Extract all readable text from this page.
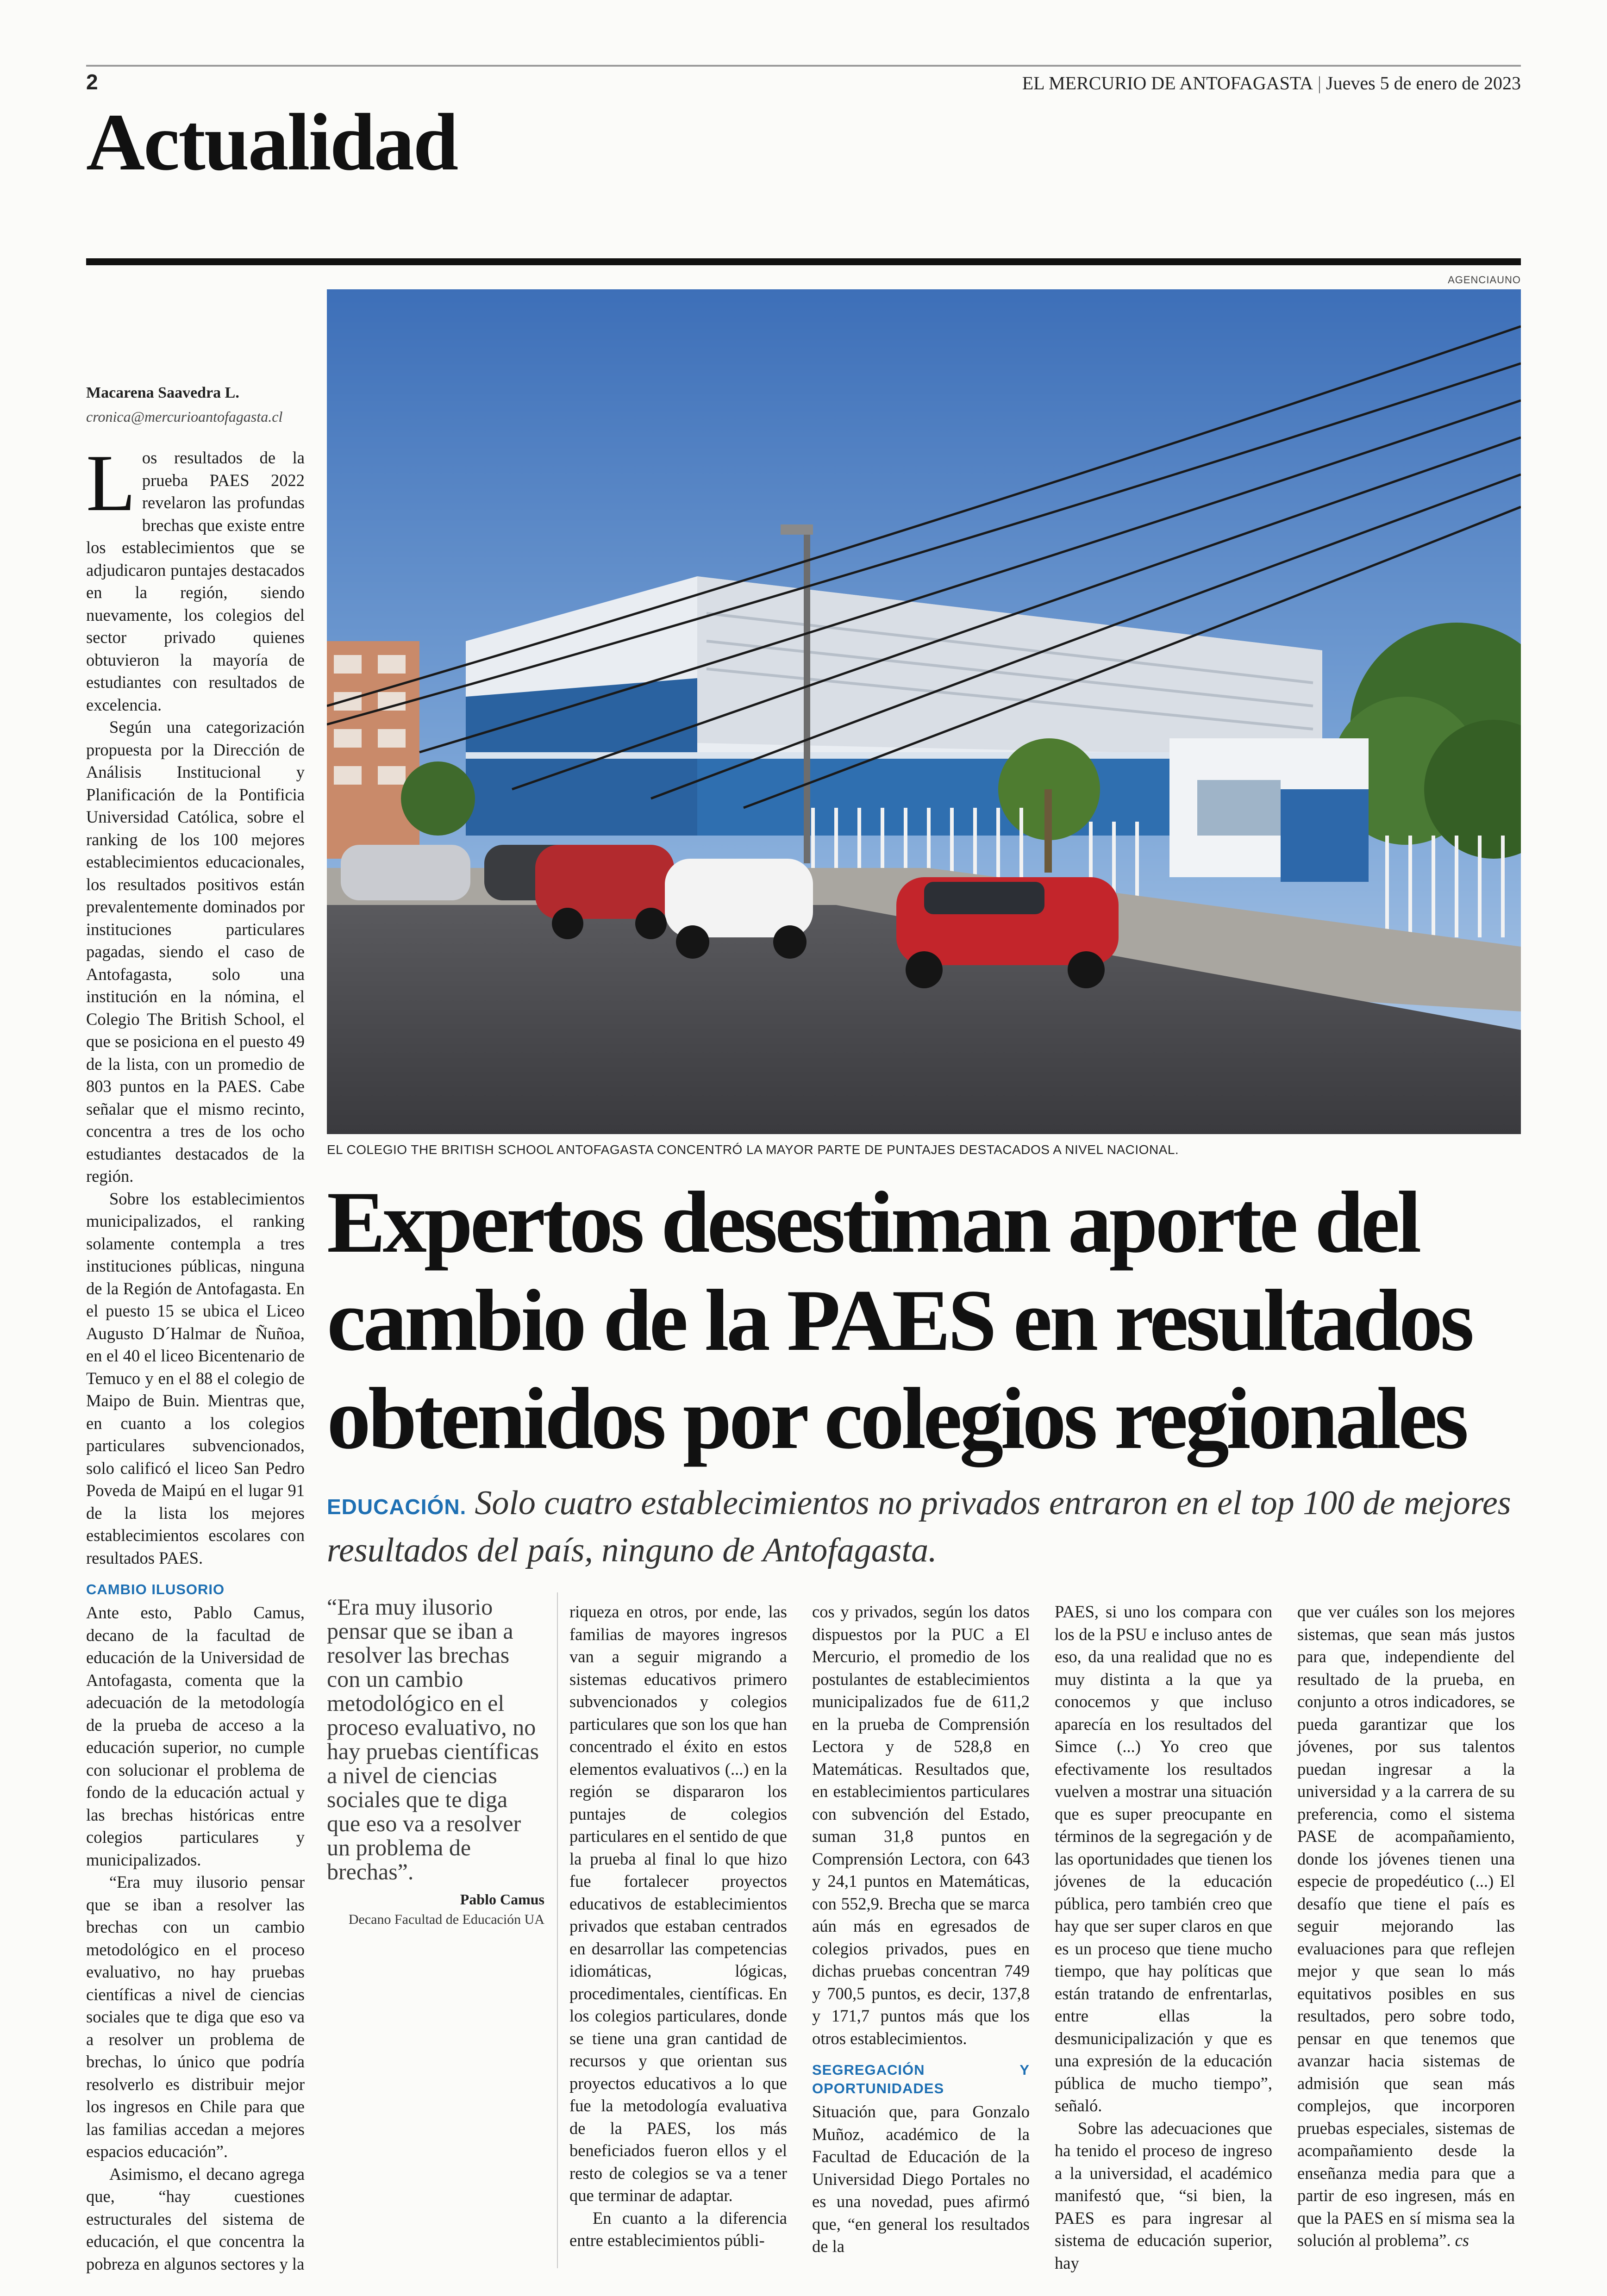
2	EL MERCURIO DE ANTOFAGASTA | Jueves 5 de enero de 2023
Actualidad
AGENCIAUNO
EL COLEGIO THE BRITISH SCHOOL ANTOFAGASTA CONCENTRÓ LA MAYOR PARTE DE PUNTAJES DESTACADOS A NIVEL NACIONAL.
Expertos desestiman aporte del
cambio de la PAES en resultados
obtenidos por colegios regionales
EDUCACIÓN. Solo cuatro establecimientos no privados entraron en el top 100 de mejores resultados del país, ninguno de Antofagasta.
Macarena Saavedra L.
cronica@mercurioantofagasta.cl

Los resultados de la prueba PAES 2022 revelaron las profundas brechas que existe entre los establecimientos que se adjudicaron puntajes destacados en la región, siendo nuevamente, los colegios del sector privado quienes obtuvieron la mayoría de estudiantes con resultados de excelencia.

Según una categorización propuesta por la Dirección de Análisis Institucional y Planificación de la Pontificia Universidad Católica, sobre el ranking de los 100 mejores establecimientos educacionales, los resultados positivos están prevalentemente dominados por instituciones particulares pagadas, siendo el caso de Antofagasta, solo una institución en la nómina, el Colegio The British School, el que se posiciona en el puesto 49 de la lista, con un promedio de 803 puntos en la PAES. Cabe señalar que el mismo recinto, concentra a tres de los ocho estudiantes destacados de la región.

Sobre los establecimientos municipalizados, el ranking solamente contempla a tres instituciones públicas, ninguna de la Región de Antofagasta. En el puesto 15 se ubica el Liceo Augusto D´Halmar de Ñuñoa, en el 40 el liceo Bicentenario de Temuco y en el 88 el colegio de Maipo de Buin. Mientras que, en cuanto a los colegios particulares subvencionados, solo calificó el liceo San Pedro Poveda de Maipú en el lugar 91 de la lista los mejores establecimientos escolares con resultados PAES.

CAMBIO ILUSORIO

Ante esto, Pablo Camus, decano de la facultad de educación de la Universidad de Antofagasta, comenta que la adecuación de la metodología de la prueba de acceso a la educación superior, no cumple con solucionar el problema de fondo de la educación actual y las brechas históricas entre colegios particulares y municipalizados.

“Era muy ilusorio pensar que se iban a resolver las brechas con un cambio metodológico en el proceso evaluativo, no hay pruebas científicas a nivel de ciencias sociales que te diga que eso va a resolver un problema de brechas, lo único que podría resolverlo es distribuir mejor los ingresos en Chile para que las familias accedan a mejores espacios educación”.

Asimismo, el decano agrega que, “hay cuestiones estructurales del sistema de educación, el que concentra la pobreza en algunos sectores y la

“Era muy ilusorio pensar que se iban a resolver las brechas con un cambio metodológico en el proceso evaluativo, no hay pruebas científicas a nivel de ciencias sociales que te diga que eso va a resolver un problema de brechas”.
Pablo Camus
Decano Facultad de Educación UA

riqueza en otros, por ende, las familias de mayores ingresos van a seguir migrando a sistemas educativos primero subvencionados y colegios particulares que son los que han concentrado el éxito en estos elementos evaluativos (...) en la región se dispararon los puntajes de colegios particulares en el sentido de que la prueba al final lo que hizo fue fortalecer proyectos educativos de establecimientos privados que estaban centrados en desarrollar las competencias idiomáticas, lógicas, procedimentales, científicas. En los colegios particulares, donde se tiene una gran cantidad de recursos y que orientan sus proyectos educativos a lo que fue la metodología evaluativa de la PAES, los más beneficiados fueron ellos y el resto de colegios se va a tener que terminar de adaptar.

En cuanto a la diferencia entre establecimientos públi-

cos y privados, según los datos dispuestos por la PUC a El Mercurio, el promedio de los postulantes de establecimientos municipalizados fue de 611,2 en la prueba de Comprensión Lectora y de 528,8 en Matemáticas. Resultados que, en establecimientos particulares con subvención del Estado, suman 31,8 puntos en Comprensión Lectora, con 643 y 24,1 puntos en Matemáticas, con 552,9. Brecha que se marca aún más en egresados de colegios privados, pues en dichas pruebas concentran 749 y 700,5 puntos, es decir, 137,8 y 171,7 puntos más que los otros establecimientos.

SEGREGACIÓN Y OPORTUNIDADES

Situación que, para Gonzalo Muñoz, académico de la Facultad de Educación de la Universidad Diego Portales no es una novedad, pues afirmó que, “en general los resultados de la

PAES, si uno los compara con los de la PSU e incluso antes de eso, da una realidad que no es muy distinta a la que ya conocemos y que incluso aparecía en los resultados del Simce (...) Yo creo que efectivamente los resultados vuelven a mostrar una situación que es super preocupante en términos de la segregación y de las oportunidades que tienen los jóvenes de la educación pública, pero también creo que hay que ser super claros en que es un proceso que tiene mucho tiempo, que hay políticas que están tratando de enfrentarlas, entre ellas la desmunicipalización y que es una expresión de la educación pública de mucho tiempo”, señaló.

Sobre las adecuaciones que ha tenido el proceso de ingreso a la universidad, el académico manifestó que, “si bien, la PAES es para ingresar al sistema de educación superior, hay

que ver cuáles son los mejores sistemas, que sean más justos para que, independiente del resultado de la prueba, en conjunto a otros indicadores, se pueda garantizar que los jóvenes, por sus talentos puedan ingresar a la universidad y a la carrera de su preferencia, como el sistema PASE de acompañamiento, donde los jóvenes tienen una especie de propedéutico (...) El desafío que tiene el país es seguir mejorando las evaluaciones para que reflejen mejor y que sean lo más equitativos posibles en sus resultados, pero sobre todo, pensar en que tenemos que avanzar hacia sistemas de admisión que sean más complejos, que incorporen pruebas especiales, sistemas de acompañamiento desde la enseñanza media para que a partir de eso ingresen, más en que la PAES en sí misma sea la solución al problema”. cs
